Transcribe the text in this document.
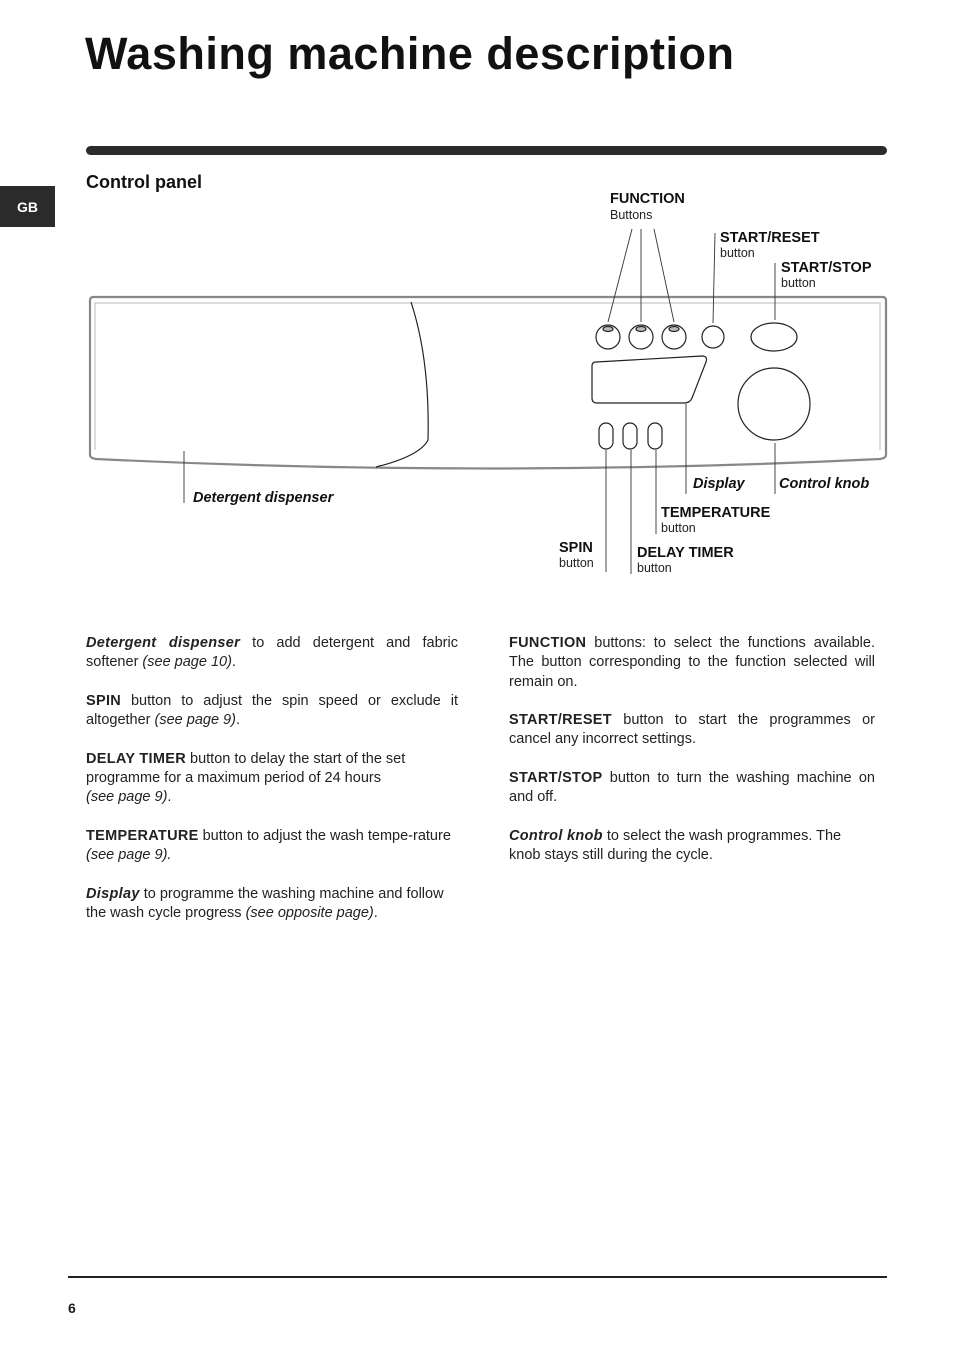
Washing machine description
GB
Control panel
FUNCTION
Buttons
START/RESET
button
START/STOP
button
Detergent dispenser
Display Control knob
TEMPERATURE
button
SPIN
button
DELAY TIMER
button

Detergent dispenser to add detergent and fabric softener (see page 10).

SPIN button to adjust the spin speed or exclude it altogether (see page 9).

DELAY TIMER button to delay the start of the set programme for a maximum period of 24 hours
(see page 9).

TEMPERATURE button to adjust the wash tempe-rature (see page 9).

Display to programme the washing machine and follow the wash cycle progress (see opposite page).

FUNCTION buttons: to select the functions available. The button corresponding to the function selected will remain on.

START/RESET button to start the programmes or cancel any incorrect settings.

START/STOP button to turn the washing machine on and off.

Control knob to select the wash programmes. The knob stays still during the cycle.

6
